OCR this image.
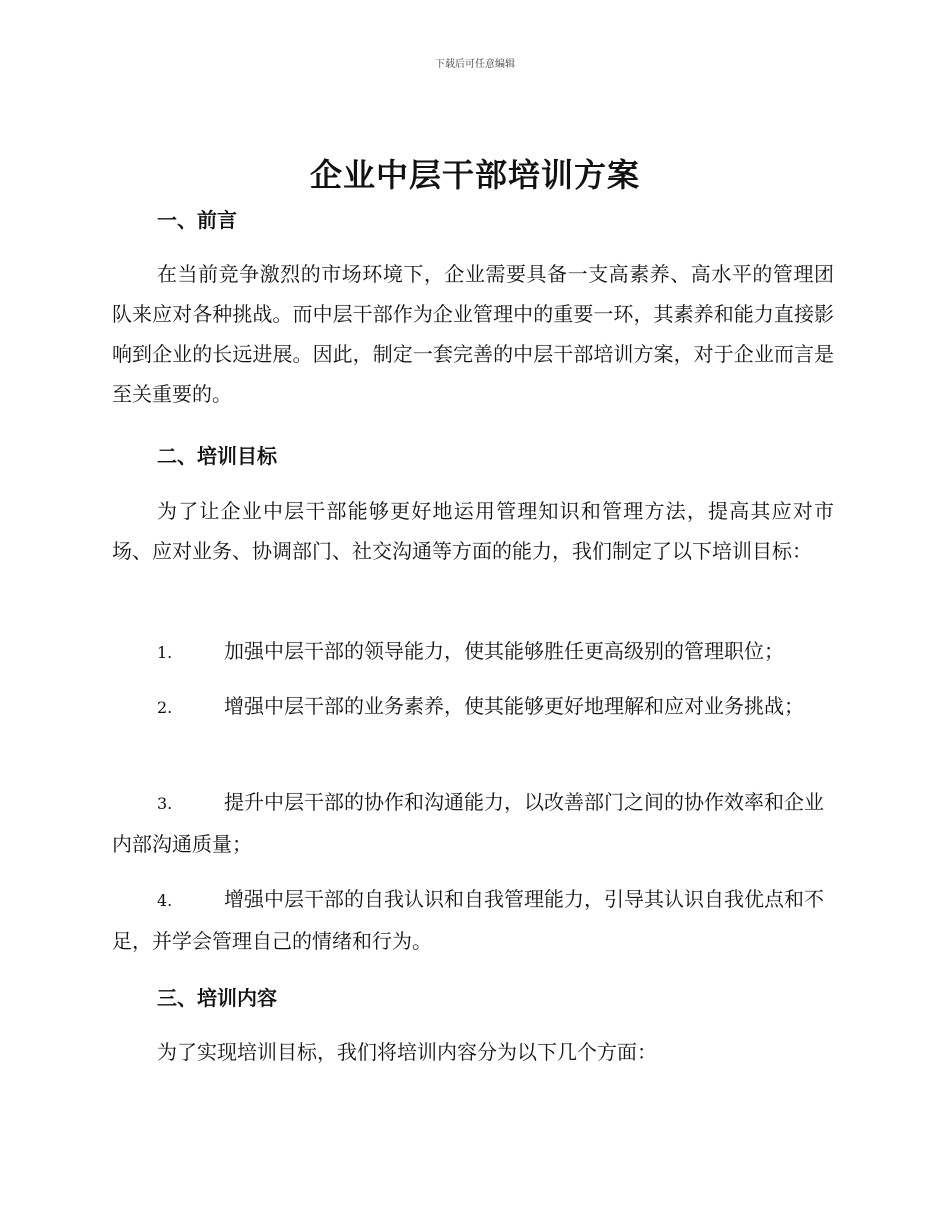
下载后可任意编辑
企业中层干部培训方案
一、前言

在当前竞争激烈的市场环境下，企业需要具备一支高素养、高水平的管理团队来应对各种挑战。而中层干部作为企业管理中的重要一环，其素养和能力直接影响到企业的长远进展。因此，制定一套完善的中层干部培训方案，对于企业而言是至关重要的。

二、培训目标

为了让企业中层干部能够更好地运用管理知识和管理方法，提高其应对市场、应对业务、协调部门、社交沟通等方面的能力，我们制定了以下培训目标：

1.	加强中层干部的领导能力，使其能够胜任更高级别的管理职位；
2.	增强中层干部的业务素养，使其能够更好地理解和应对业务挑战；
3.	提升中层干部的协作和沟通能力，以改善部门之间的协作效率和企业内部沟通质量；
4.	增强中层干部的自我认识和自我管理能力，引导其认识自我优点和不足，并学会管理自己的情绪和行为。
三、培训内容

为了实现培训目标，我们将培训内容分为以下几个方面：
